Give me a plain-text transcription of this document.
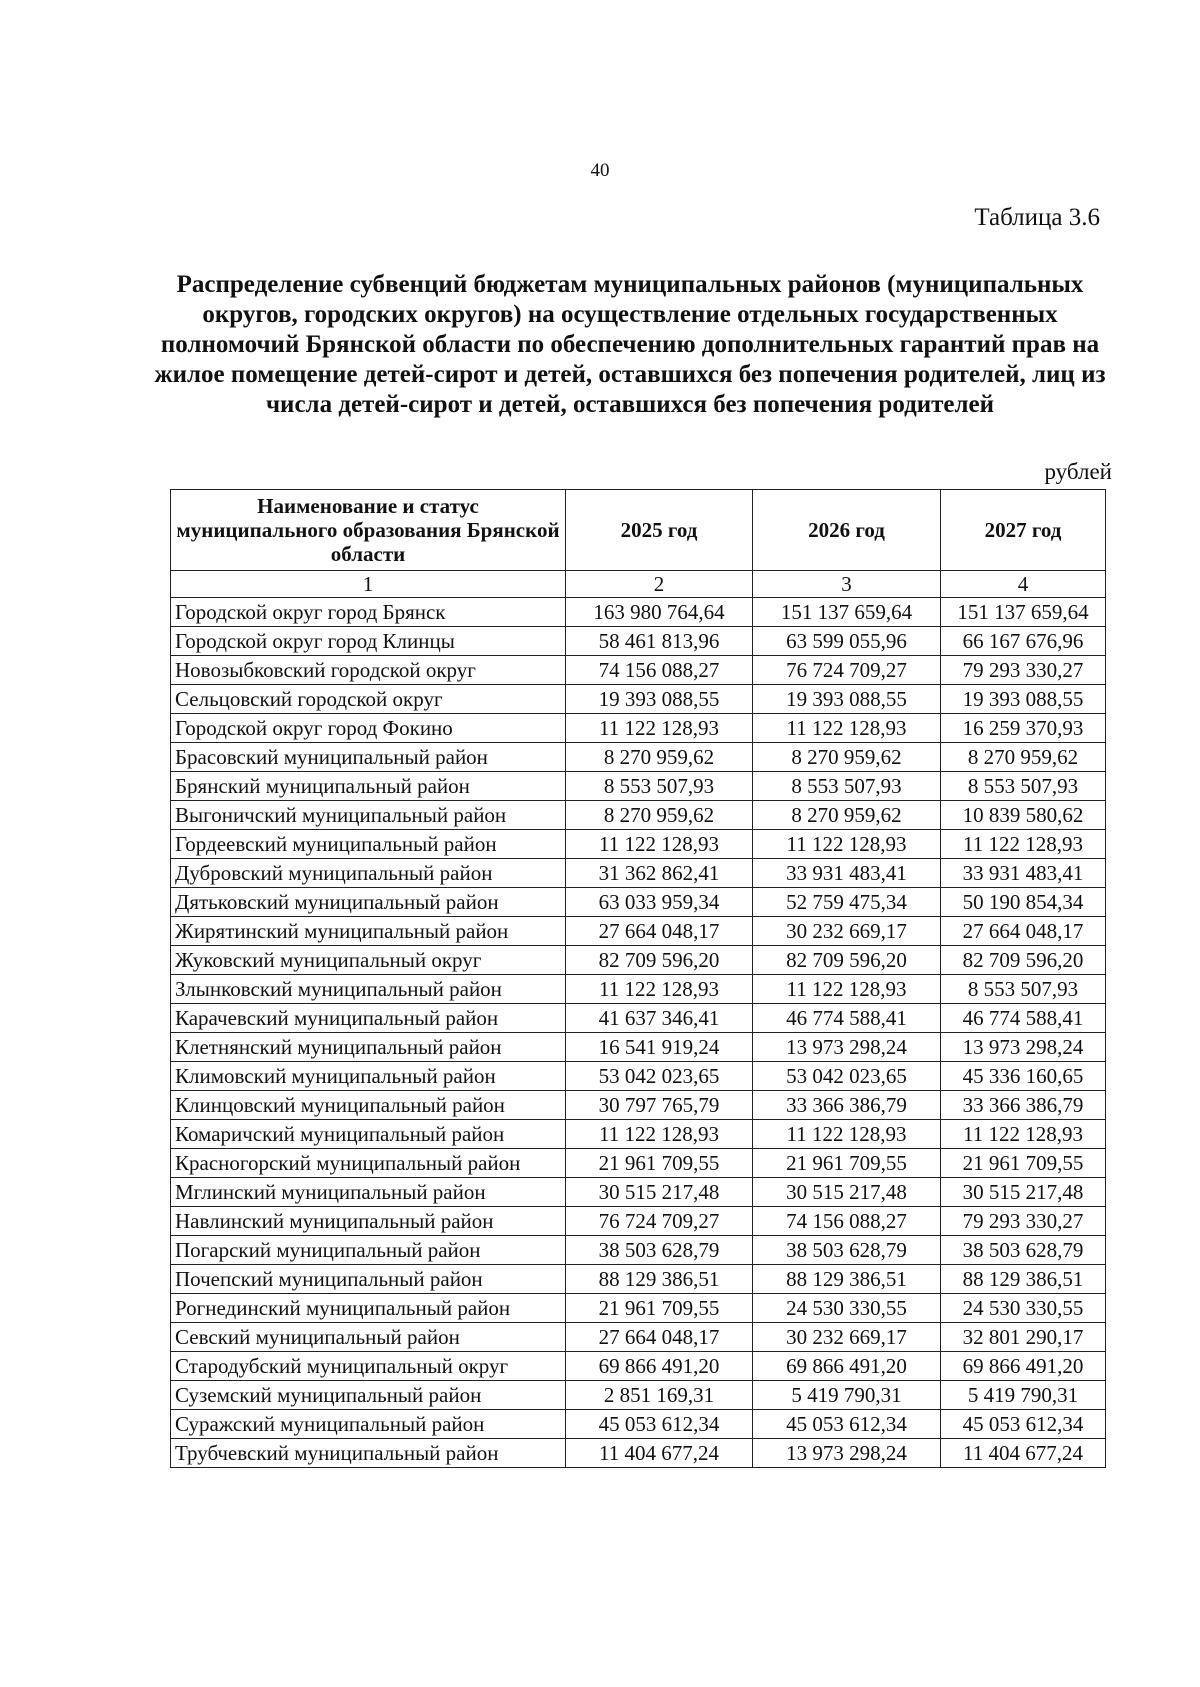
40
Таблица 3.6
Распределение субвенций бюджетам муниципальных районов (муниципальных округов, городских округов) на осуществление отдельных государственных полномочий Брянской области по обеспечению дополнительных гарантий прав на жилое помещение детей-сирот и детей, оставшихся без попечения родителей, лиц из числа детей-сирот и детей, оставшихся без попечения родителей
рублей
Наименование и статус муниципального образования Брянской области	2025 год	2026 год	2027 год
1	2	3	4
Городской округ город Брянск	163 980 764,64	151 137 659,64	151 137 659,64
Городской округ город Клинцы	58 461 813,96	63 599 055,96	66 167 676,96
Новозыбковский городской округ	74 156 088,27	76 724 709,27	79 293 330,27
Сельцовский городской округ	19 393 088,55	19 393 088,55	19 393 088,55
Городской округ город Фокино	11 122 128,93	11 122 128,93	16 259 370,93
Брасовский муниципальный район	8 270 959,62	8 270 959,62	8 270 959,62
Брянский муниципальный район	8 553 507,93	8 553 507,93	8 553 507,93
Выгоничский муниципальный район	8 270 959,62	8 270 959,62	10 839 580,62
Гордеевский муниципальный район	11 122 128,93	11 122 128,93	11 122 128,93
Дубровский муниципальный район	31 362 862,41	33 931 483,41	33 931 483,41
Дятьковский муниципальный район	63 033 959,34	52 759 475,34	50 190 854,34
Жирятинский муниципальный район	27 664 048,17	30 232 669,17	27 664 048,17
Жуковский муниципальный округ	82 709 596,20	82 709 596,20	82 709 596,20
Злынковский муниципальный район	11 122 128,93	11 122 128,93	8 553 507,93
Карачевский муниципальный район	41 637 346,41	46 774 588,41	46 774 588,41
Клетнянский муниципальный район	16 541 919,24	13 973 298,24	13 973 298,24
Климовский муниципальный район	53 042 023,65	53 042 023,65	45 336 160,65
Клинцовский муниципальный район	30 797 765,79	33 366 386,79	33 366 386,79
Комаричский муниципальный район	11 122 128,93	11 122 128,93	11 122 128,93
Красногорский муниципальный район	21 961 709,55	21 961 709,55	21 961 709,55
Мглинский муниципальный район	30 515 217,48	30 515 217,48	30 515 217,48
Навлинский муниципальный район	76 724 709,27	74 156 088,27	79 293 330,27
Погарский муниципальный район	38 503 628,79	38 503 628,79	38 503 628,79
Почепский муниципальный район	88 129 386,51	88 129 386,51	88 129 386,51
Рогнединский муниципальный район	21 961 709,55	24 530 330,55	24 530 330,55
Севский муниципальный район	27 664 048,17	30 232 669,17	32 801 290,17
Стародубский муниципальный округ	69 866 491,20	69 866 491,20	69 866 491,20
Суземский муниципальный район	2 851 169,31	5 419 790,31	5 419 790,31
Суражский муниципальный район	45 053 612,34	45 053 612,34	45 053 612,34
Трубчевский муниципальный район	11 404 677,24	13 973 298,24	11 404 677,24
